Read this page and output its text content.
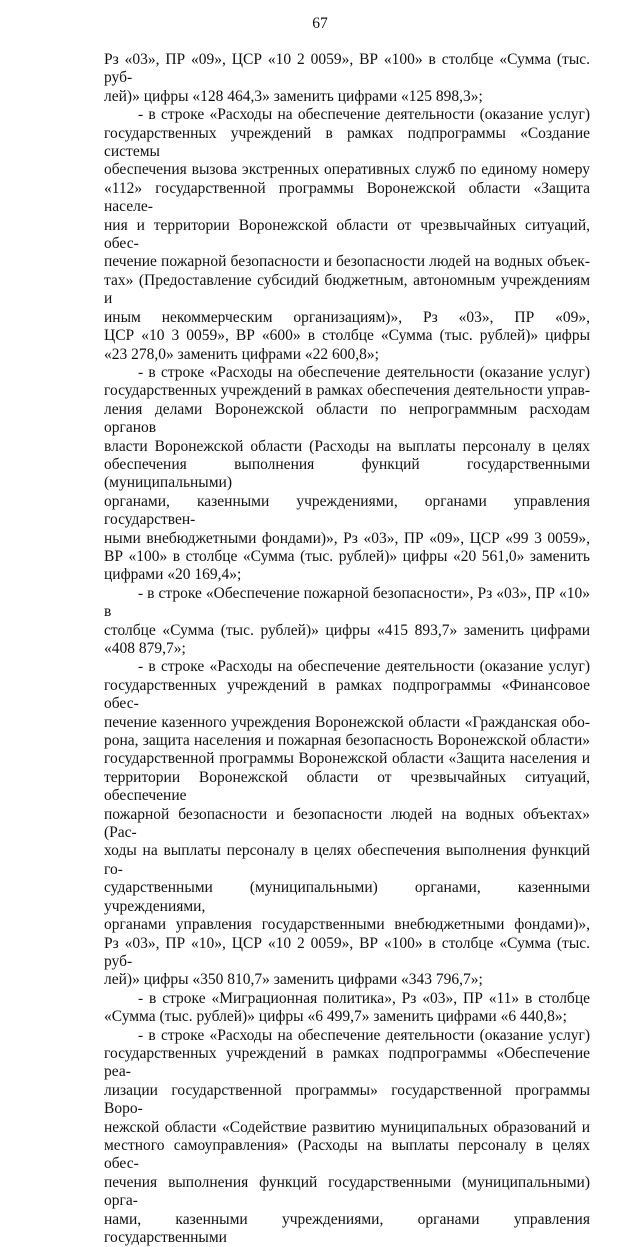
67

Рз «03», ПР «09», ЦСР «10 2 0059», ВР «100» в столбце «Сумма (тыс. руб-

лей)» цифры «128 464,3» заменить цифрами «125 898,3»;

- в строке «Расходы на обеспечение деятельности (оказание услуг)

государственных учреждений в рамках подпрограммы «Создание системы

обеспечения вызова экстренных оперативных служб по единому номеру

«112» государственной программы Воронежской области «Защита населе-

ния и территории Воронежской области от чрезвычайных ситуаций, обес-

печение пожарной безопасности и безопасности людей на водных объек-

тах» (Предоставление субсидий бюджетным, автономным учреждениям и

иным некоммерческим организациям)», Рз «03», ПР «09»,

ЦСР «10 3 0059», ВР «600» в столбце «Сумма (тыс. рублей)» цифры

«23 278,0» заменить цифрами «22 600,8»;

- в строке «Расходы на обеспечение деятельности (оказание услуг)

государственных учреждений в рамках обеспечения деятельности управ-

ления делами Воронежской области по непрограммным расходам органов

власти Воронежской области (Расходы на выплаты персоналу в целях

обеспечения выполнения функций государственными (муниципальными)

органами, казенными учреждениями, органами управления государствен-

ными внебюджетными фондами)», Рз «03», ПР «09», ЦСР «99 3 0059»,

ВР «100» в столбце «Сумма (тыс. рублей)» цифры «20 561,0» заменить

цифрами «20 169,4»;

- в строке «Обеспечение пожарной безопасности», Рз «03», ПР «10» в

столбце «Сумма (тыс. рублей)» цифры «415 893,7» заменить цифрами

«408 879,7»;

- в строке «Расходы на обеспечение деятельности (оказание услуг)

государственных учреждений в рамках подпрограммы «Финансовое обес-

печение казенного учреждения Воронежской области «Гражданская обо-

рона, защита населения и пожарная безопасность Воронежской области»

государственной программы Воронежской области «Защита населения и

территории Воронежской области от чрезвычайных ситуаций, обеспечение

пожарной безопасности и безопасности людей на водных объектах» (Рас-

ходы на выплаты персоналу в целях обеспечения выполнения функций го-

сударственными (муниципальными) органами, казенными учреждениями,

органами управления государственными внебюджетными фондами)»,

Рз «03», ПР «10», ЦСР «10 2 0059», ВР «100» в столбце «Сумма (тыс. руб-

лей)» цифры «350 810,7» заменить цифрами «343 796,7»;

- в строке «Миграционная политика», Рз «03», ПР «11» в столбце

«Сумма (тыс. рублей)» цифры «6 499,7» заменить цифрами «6 440,8»;

- в строке «Расходы на обеспечение деятельности (оказание услуг)

государственных учреждений в рамках подпрограммы «Обеспечение реа-

лизации государственной программы» государственной программы Воро-

нежской области «Содействие развитию муниципальных образований и

местного самоуправления» (Расходы на выплаты персоналу в целях обес-

печения выполнения функций государственными (муниципальными) орга-

нами, казенными учреждениями, органами управления государственными
